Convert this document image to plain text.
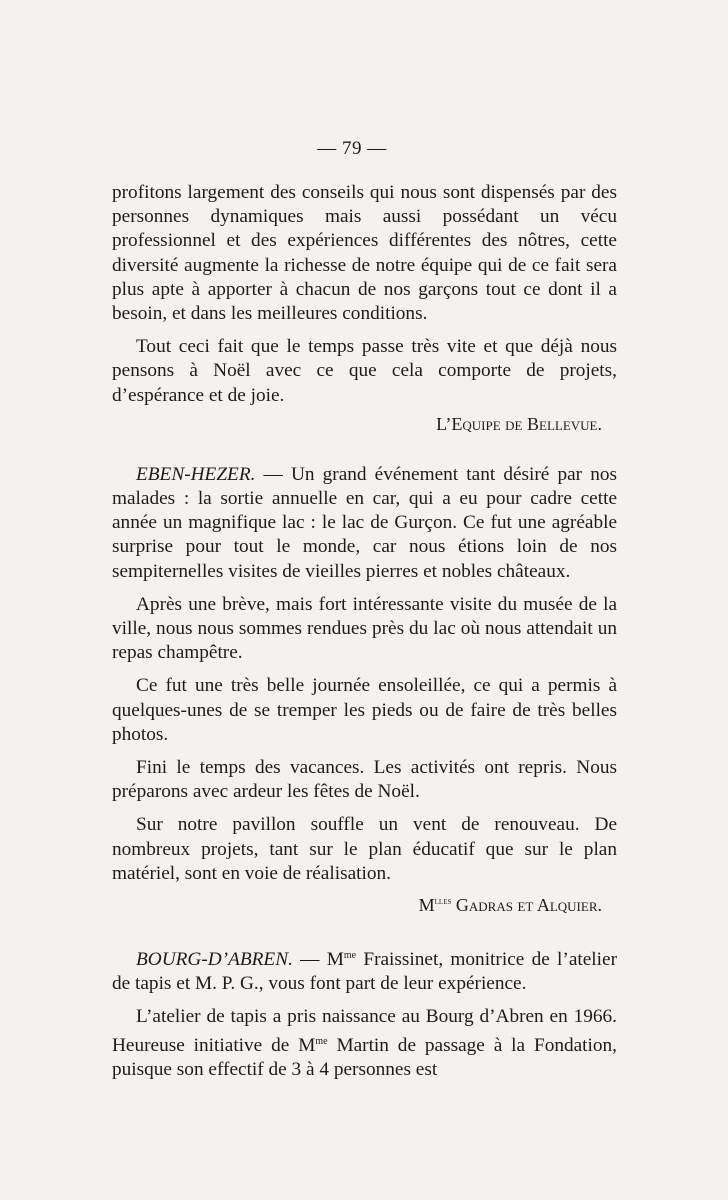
— 79 —

profitons largement des conseils qui nous sont dispensés par des personnes dynamiques mais aussi possédant un vécu professionnel et des expériences différentes des nôtres, cette diversité augmente la richesse de notre équipe qui de ce fait sera plus apte à apporter à chacun de nos garçons tout ce dont il a besoin, et dans les meilleures conditions.

Tout ceci fait que le temps passe très vite et que déjà nous pensons à Noël avec ce que cela comporte de projets, d’espérance et de joie.

L’Equipe de Bellevue.

EBEN-HEZER. — Un grand événement tant désiré par nos malades : la sortie annuelle en car, qui a eu pour cadre cette année un magnifique lac : le lac de Gurçon. Ce fut une agréable surprise pour tout le monde, car nous étions loin de nos sempiternelles visites de vieilles pierres et nobles châteaux.

Après une brève, mais fort intéressante visite du musée de la ville, nous nous sommes rendues près du lac où nous attendait un repas champêtre.

Ce fut une très belle journée ensoleillée, ce qui a permis à quelques-unes de se tremper les pieds ou de faire de très belles photos.

Fini le temps des vacances. Les activités ont repris. Nous préparons avec ardeur les fêtes de Noël.

Sur notre pavillon souffle un vent de renouveau. De nombreux projets, tant sur le plan éducatif que sur le plan matériel, sont en voie de réalisation.

$M^{lles}$ Gadras et Alquier.

BOURG-D’ABREN. — $M^{me}$ Fraissinet, monitrice de l’atelier de tapis et M. P. G., vous font part de leur expérience.

L’atelier de tapis a pris naissance au Bourg d’Abren en 1966. Heureuse initiative de $M^{me}$ Martin de passage à la Fondation, puisque son effectif de 3 à 4 personnes est
